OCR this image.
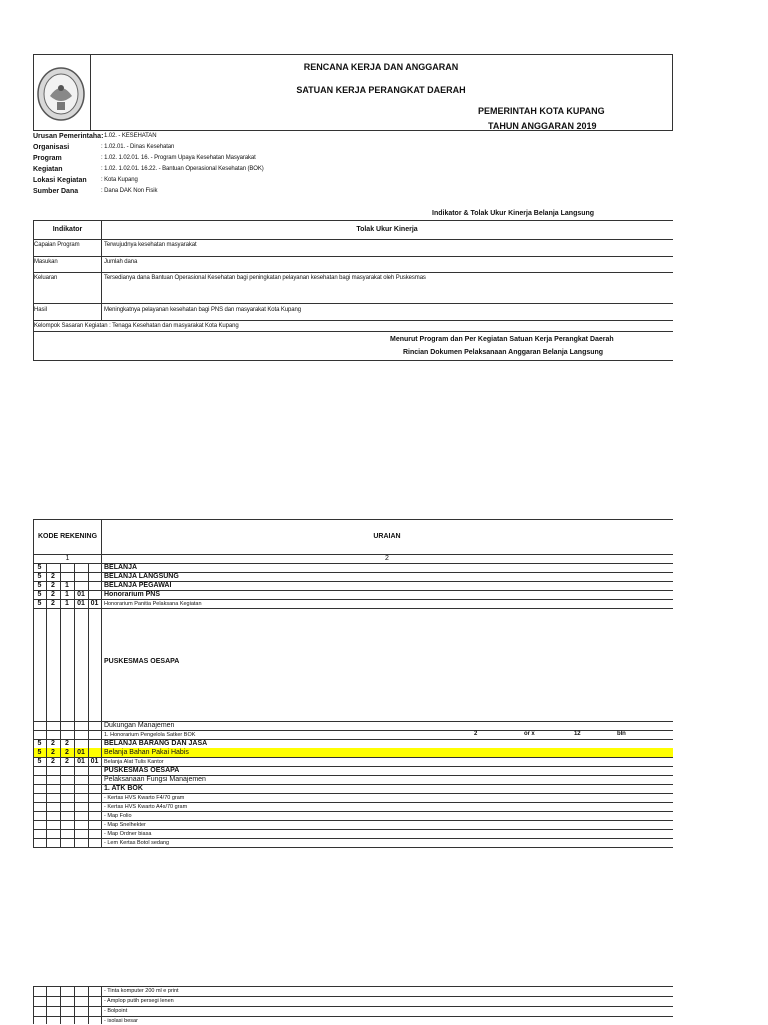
RENCANA KERJA DAN ANGGARAN
SATUAN KERJA PERANGKAT DAERAH
PEMERINTAH KOTA KUPANG
TAHUN ANGGARAN 2019
Urusan Pemerintaha: 1.02. - KESEHATAN
Organisasi	: 1.02.01. - Dinas Kesehatan
Program	: 1.02. 1.02.01. 16. - Program Upaya Kesehatan Masyarakat
Kegiatan	: 1.02. 1.02.01. 16.22. - Bantuan Operasional Kesehatan (BOK)
Lokasi Kegiatan : Kota Kupang
Sumber Dana	: Dana DAK Non Fisik
Indikator & Tolak Ukur Kinerja Belanja Langsung
Indikator	Tolak Ukur Kinerja
Capaian Program	Terwujudnya kesehatan masyarakat
Masukan	Jumlah dana
Keluaran	Tersedianya dana Bantuan Operasional Kesehatan bagi peningkatan pelayanan kesehatan bagi masyarakat oleh Puskesmas
Hasil	Meningkatnya pelayanan kesehatan bagi PNS dan masyarakat Kota Kupang
Kelompok Sasaran Kegiatan : Tenaga Kesehatan dan masyarakat Kota Kupang
Menurut Program dan Per Kegiatan Satuan Kerja Perangkat Daerah
Rincian Dokumen Pelaksanaan Anggaran Belanja Langsung
KODE REKENING	URAIAN
1	2
5	BELANJA
5	2	BELANJA LANGSUNG
5	2	1	BELANJA PEGAWAI
5	2	1	01	Honorarium PNS
5	2	1	01 01	Honorarium Panitia Pelaksana Kegiatan
PUSKESMAS OESAPA
Dukungan Manajemen
1. Honorarium Pengelola Satker BOK	2	or x	12	bln
5	2	2	BELANJA BARANG DAN JASA
5	2	2	01	Belanja Bahan Pakai Habis
5	2	2	01 01	Belanja Alat Tulis Kantor
PUSKESMAS OESAPA
Pelaksanaan Fungsi Manajemen
1. ATK BOK
- Kertas HVS Kwarto F4/70 gram
- Kertas HVS Kwarto A4s/70 gram
- Map Folio
- Map Snelhekter
- Map Ordner biasa
- Lem Kertas Botol sedang
- Tinta komputer 200 ml e print
- Amplop putih persegi lenen
- Bolpoint
- isolasi besar
